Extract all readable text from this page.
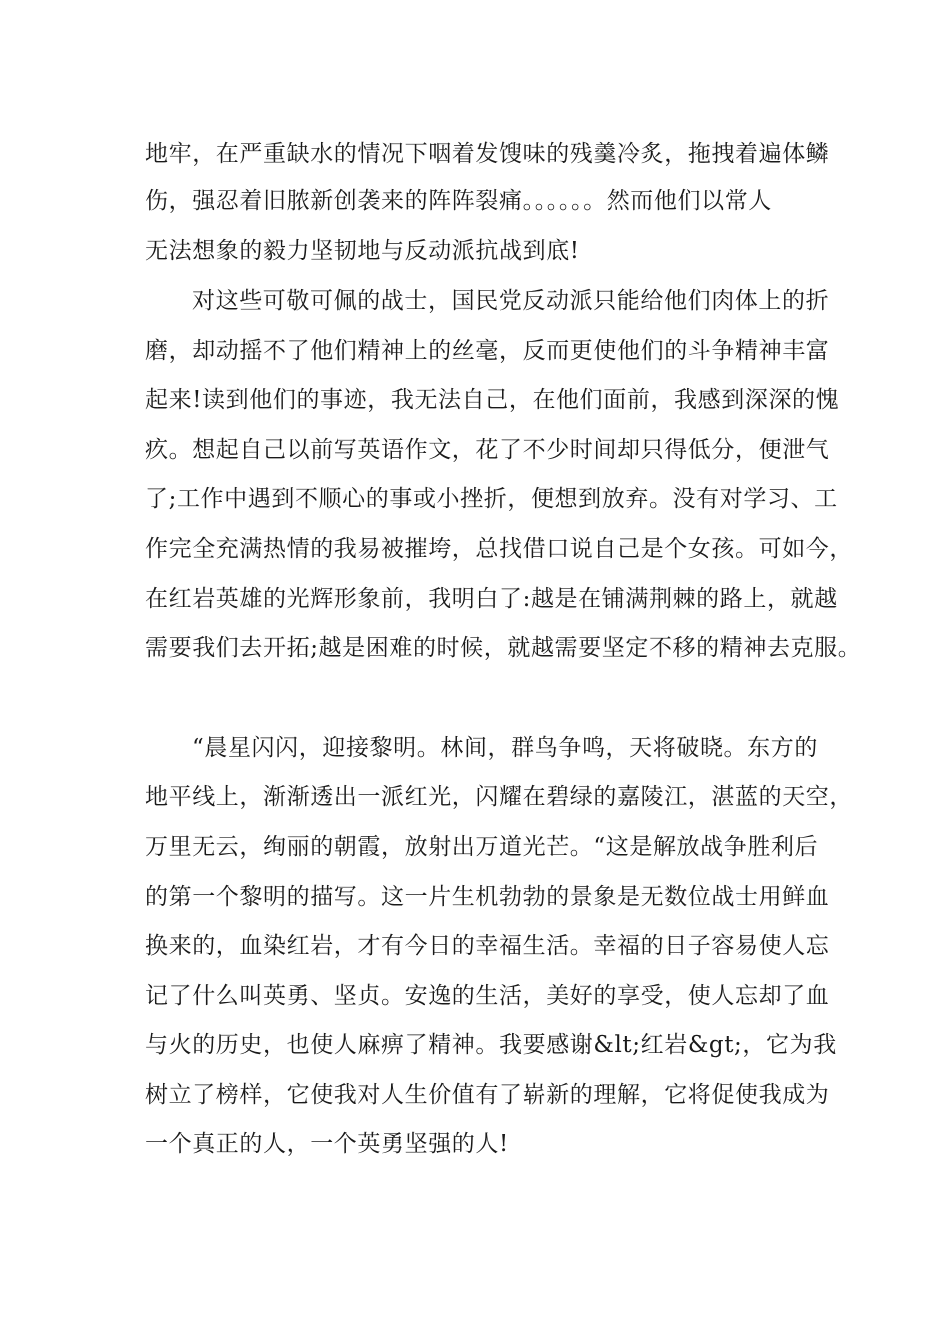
地牢，在严重缺水的情况下咽着发馊味的残羹冷炙，拖拽着遍体鳞

伤，强忍着旧脓新创袭来的阵阵裂痛。。。。。。然而他们以常人

无法想象的毅力坚韧地与反动派抗战到底!

对这些可敬可佩的战士，国民党反动派只能给他们肉体上的折

磨，却动摇不了他们精神上的丝毫，反而更使他们的斗争精神丰富

起来!读到他们的事迹，我无法自己，在他们面前，我感到深深的愧

疚。想起自己以前写英语作文，花了不少时间却只得低分，便泄气

了;工作中遇到不顺心的事或小挫折，便想到放弃。没有对学习、工

作完全充满热情的我易被摧垮，总找借口说自己是个女孩。可如今，

在红岩英雄的光辉形象前，我明白了:越是在铺满荆棘的路上，就越

需要我们去开拓;越是困难的时候，就越需要坚定不移的精神去克服。

“晨星闪闪，迎接黎明。林间，群鸟争鸣，天将破晓。东方的

地平线上，渐渐透出一派红光，闪耀在碧绿的嘉陵江，湛蓝的天空，

万里无云，绚丽的朝霞，放射出万道光芒。“这是解放战争胜利后

的第一个黎明的描写。这一片生机勃勃的景象是无数位战士用鲜血

换来的，血染红岩，才有今日的幸福生活。幸福的日子容易使人忘

记了什么叫英勇、坚贞。安逸的生活，美好的享受，使人忘却了血

与火的历史，也使人麻痹了精神。我要感谢&lt;红岩&gt;，它为我

树立了榜样，它使我对人生价值有了崭新的理解，它将促使我成为

一个真正的人，一个英勇坚强的人!
